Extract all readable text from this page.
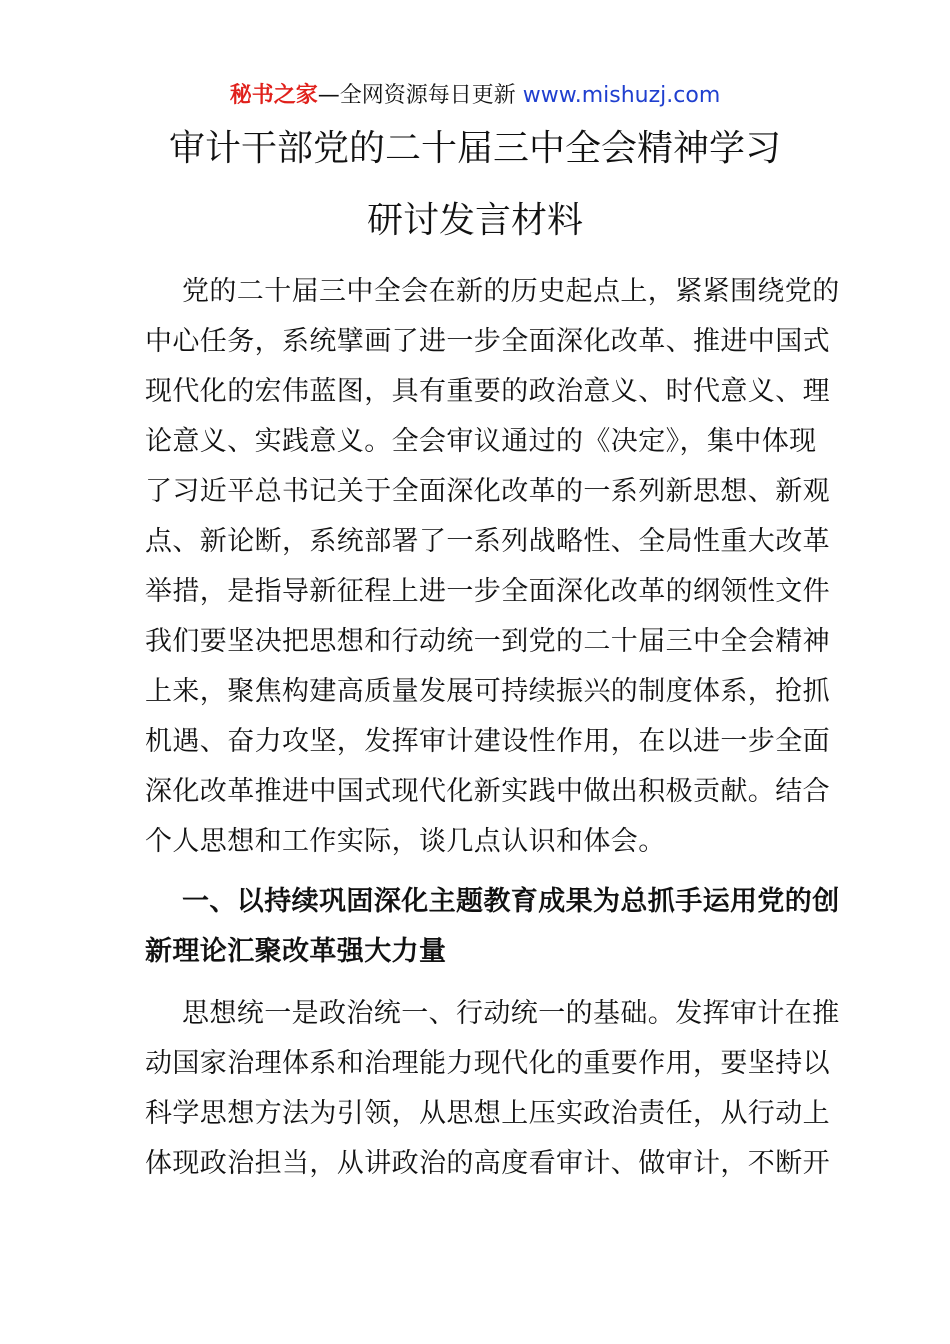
秘书之家—全网资源每日更新 www.mishuzj.com
审计干部党的二十届三中全会精神学习
研讨发言材料
党的二十届三中全会在新的历史起点上，紧紧围绕党的
中心任务，系统擘画了进一步全面深化改革、推进中国式
现代化的宏伟蓝图，具有重要的政治意义、时代意义、理
论意义、实践意义。全会审议通过的《决定》，集中体现
了习近平总书记关于全面深化改革的一系列新思想、新观
点、新论断，系统部署了一系列战略性、全局性重大改革
举措，是指导新征程上进一步全面深化改革的纲领性文件
我们要坚决把思想和行动统一到党的二十届三中全会精神
上来，聚焦构建高质量发展可持续振兴的制度体系，抢抓
机遇、奋力攻坚，发挥审计建设性作用，在以进一步全面
深化改革推进中国式现代化新实践中做出积极贡献。结合
个人思想和工作实际，谈几点认识和体会。
一、以持续巩固深化主题教育成果为总抓手运用党的创
新理论汇聚改革强大力量
思想统一是政治统一、行动统一的基础。发挥审计在推
动国家治理体系和治理能力现代化的重要作用，要坚持以
科学思想方法为引领，从思想上压实政治责任，从行动上
体现政治担当，从讲政治的高度看审计、做审计，不断开
